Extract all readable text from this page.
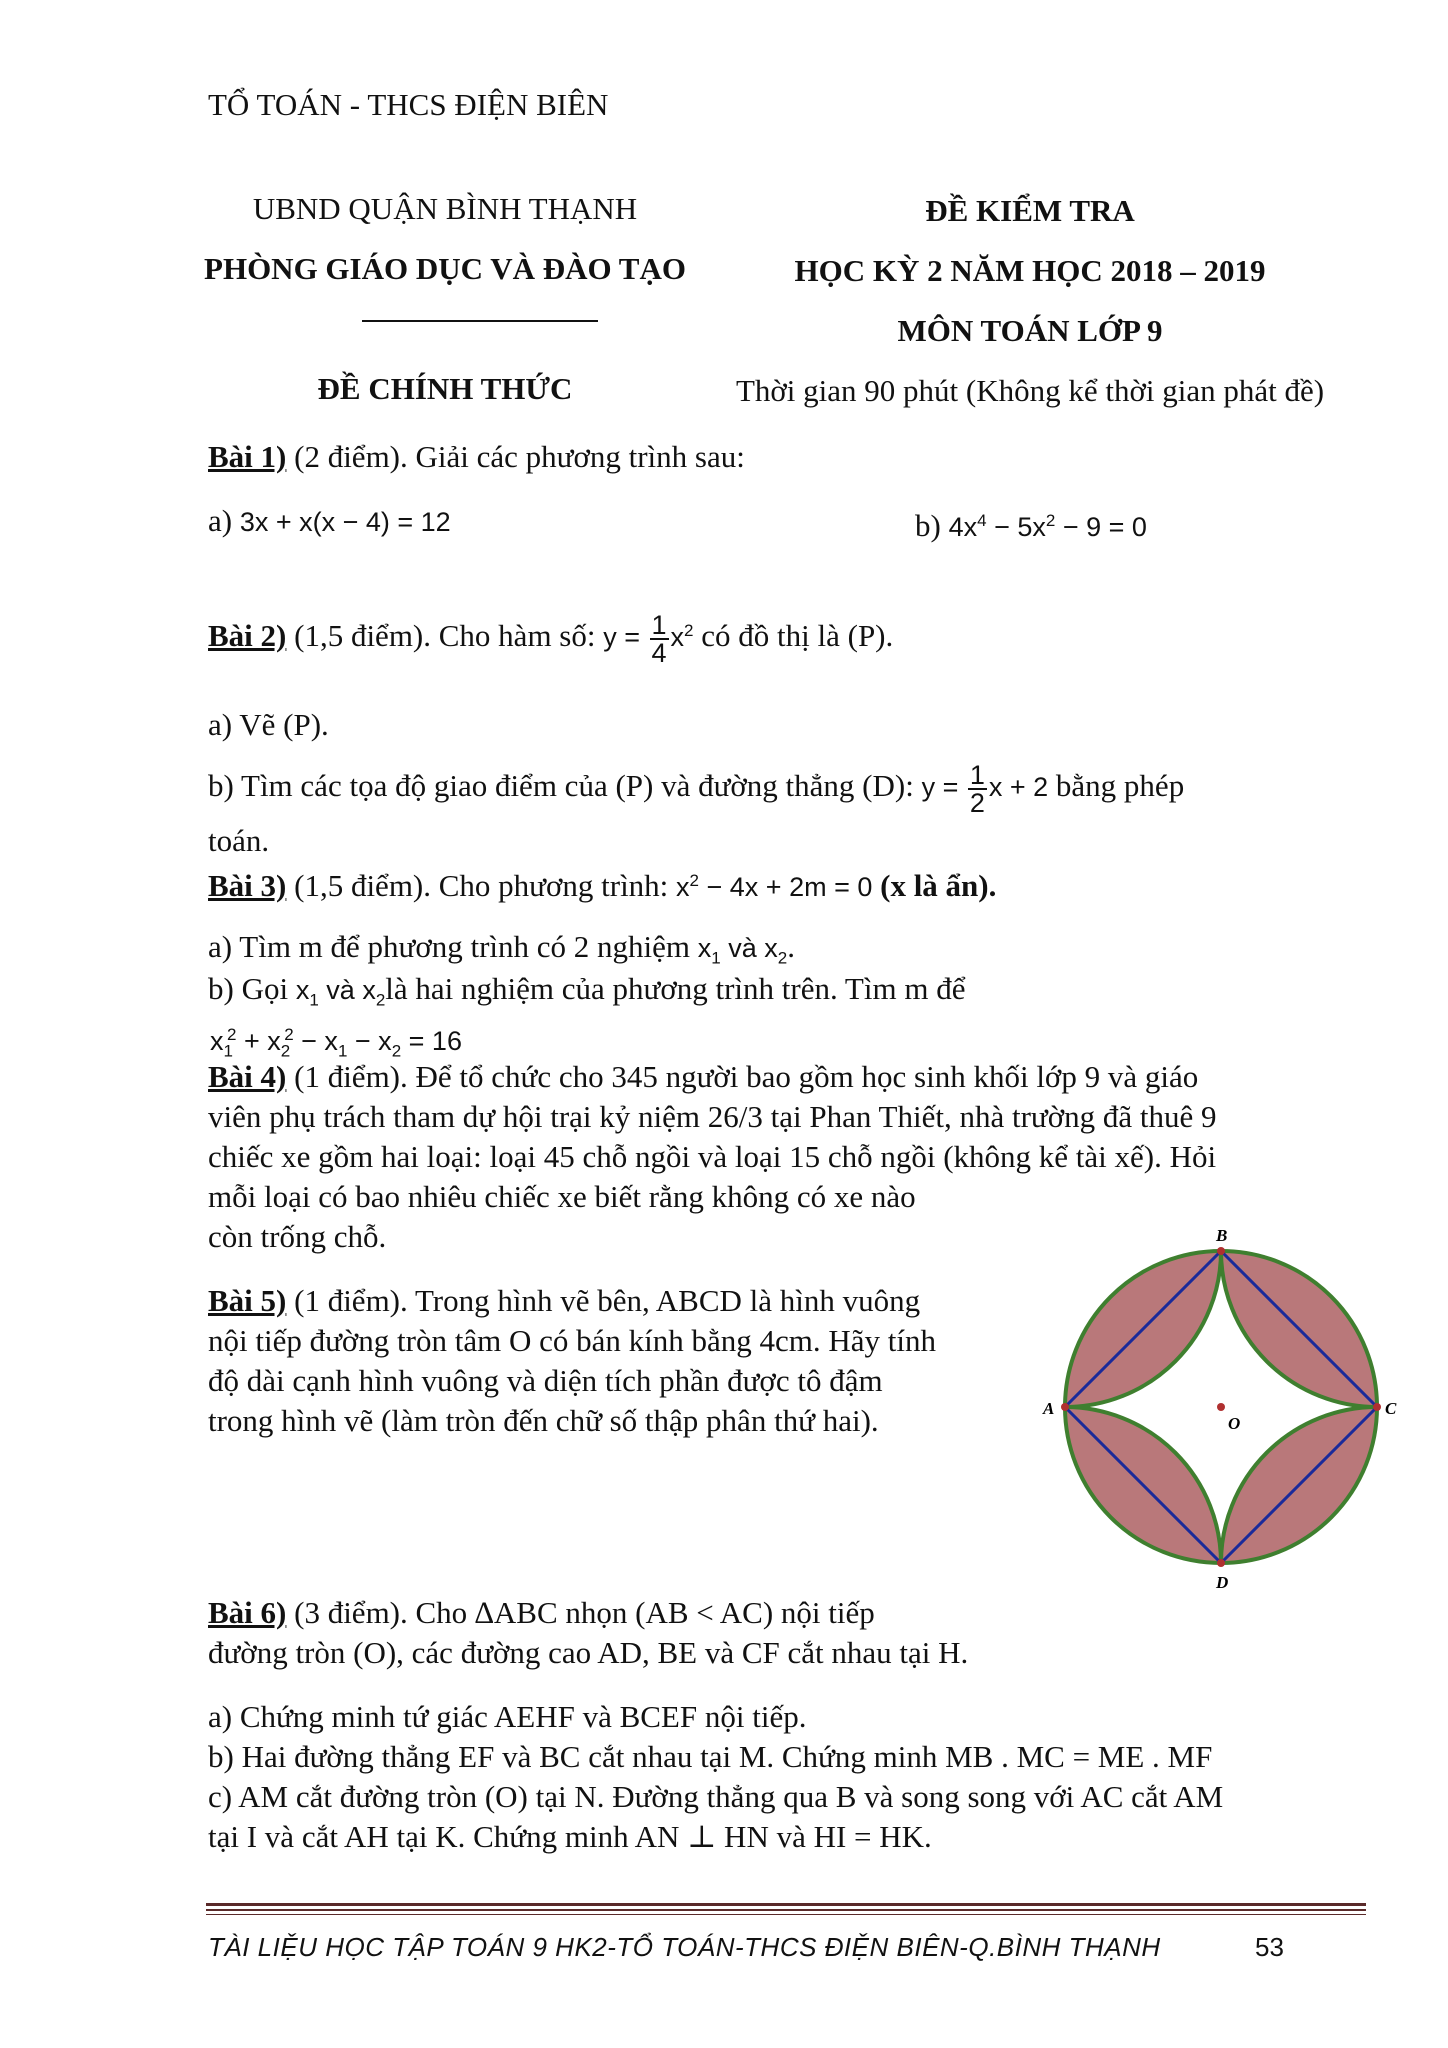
TỔ TOÁN - THCS ĐIỆN BIÊN
UBND QUẬN BÌNH THẠNH
PHÒNG GIÁO DỤC VÀ ĐÀO TẠO
ĐỀ CHÍNH THỨC
ĐỀ KIỂM TRA
HỌC KỲ 2 NĂM HỌC 2018 – 2019
MÔN TOÁN LỚP 9
Thời gian 90 phút (Không kể thời gian phát đề)
Bài 1) (2 điểm). Giải các phương trình sau:
a) 3x + x(x − 4) = 12	b) $4x^4 - 5x^2 - 9 = 0$
Bài 2) (1,5 điểm). Cho hàm số: $y = \frac{1}{4} x^2$ có đồ thị là (P).
a) Vẽ (P).
b) Tìm các tọa độ giao điểm của (P) và đường thẳng (D): $y = \frac{1}{2}$ x + 2 bằng phép
toán.
Bài 3) (1,5 điểm). Cho phương trình: $x^2 - 4x + 2m = 0$ (x là ẩn).
a) Tìm m để phương trình có 2 nghiệm $x_1$ và $x_2$.
b) Gọi $x_1$ và $x_2là$ hai nghiệm của phương trình trên. Tìm m để
$x_1^2 + x_2^2 - x_1 - x_2 = 16$
Bài 4) (1 điểm). Để tổ chức cho 345 người bao gồm học sinh khối lớp 9 và giáo
viên phụ trách tham dự hội trại kỷ niệm 26/3 tại Phan Thiết, nhà trường đã thuê 9
chiếc xe gồm hai loại: loại 45 chỗ ngồi và loại 15 chỗ ngồi (không kể tài xế). Hỏi
mỗi loại có bao nhiêu chiếc xe biết rằng không có xe nào
còn trống chỗ.
Bài 5) (1 điểm). Trong hình vẽ bên, ABCD là hình vuông
nội tiếp đường tròn tâm O có bán kính bằng 4cm. Hãy tính
độ dài cạnh hình vuông và diện tích phần được tô đậm
trong hình vẽ (làm tròn đến chữ số thập phân thứ hai).	A
B
C
D
O
Bài 6) (3 điểm). Cho ∆ABC nhọn (AB < AC) nội tiếp
đường tròn (O), các đường cao AD, BE và CF cắt nhau tại H.
a) Chứng minh tứ giác AEHF và BCEF nội tiếp.
b) Hai đường thẳng EF và BC cắt nhau tại M. Chứng minh MB . MC = ME . MF
c) AM cắt đường tròn (O) tại N. Đường thẳng qua B và song song với AC cắt AM
tại I và cắt AH tại K. Chứng minh AN ⊥ HN và HI = HK.
TÀI LIỆU HỌC TẬP TOÁN 9 HK2-TỔ TOÁN-THCS ĐIỆN BIÊN-Q.BÌNH THẠNH	53
